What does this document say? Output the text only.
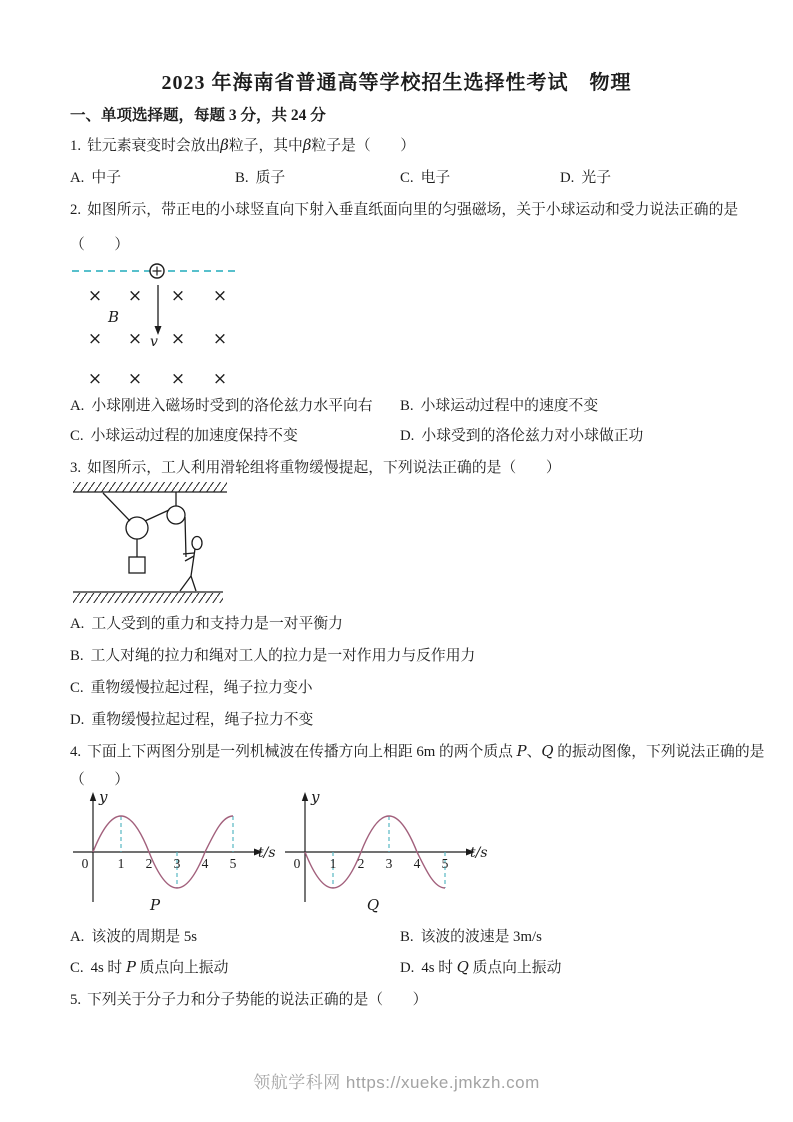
2023 年海南省普通高等学校招生选择性考试　物理
一、单项选择题，每题 3 分，共 24 分
1. 钍元素衰变时会放出β粒子，其中β粒子是（　　）
A. 中子	B. 质子	C. 电子	D. 光子
2. 如图所示，带正电的小球竖直向下射入垂直纸面向里的匀强磁场，关于小球运动和受力说法正确的是
（　　）
v
B
× × × ×
× × × ×
× × × ×
A. 小球刚进入磁场时受到的洛伦兹力水平向右	B. 小球运动过程中的速度不变
C. 小球运动过程的加速度保持不变	D. 小球受到的洛伦兹力对小球做正功
3. 如图所示，工人利用滑轮组将重物缓慢提起，下列说法正确的是（　　）
A. 工人受到的重力和支持力是一对平衡力
B. 工人对绳的拉力和绳对工人的拉力是一对作用力与反作用力
C. 重物缓慢拉起过程，绳子拉力变小
D. 重物缓慢拉起过程，绳子拉力不变
4. 下面上下两图分别是一列机械波在传播方向上相距 6m 的两个质点 P、Q 的振动图像，下列说法正确的是
（　　）
0 1 2 3 4 5
y
t/s
P
0 1 2 3 4 5
y
t/s
Q
A. 该波的周期是 5s	B. 该波的波速是 3m/s
C. 4s 时 P 质点向上振动	D. 4s 时 Q 质点向上振动
5. 下列关于分子力和分子势能的说法正确的是（　　）
领航学科网 https://xueke.jmkzh.com
